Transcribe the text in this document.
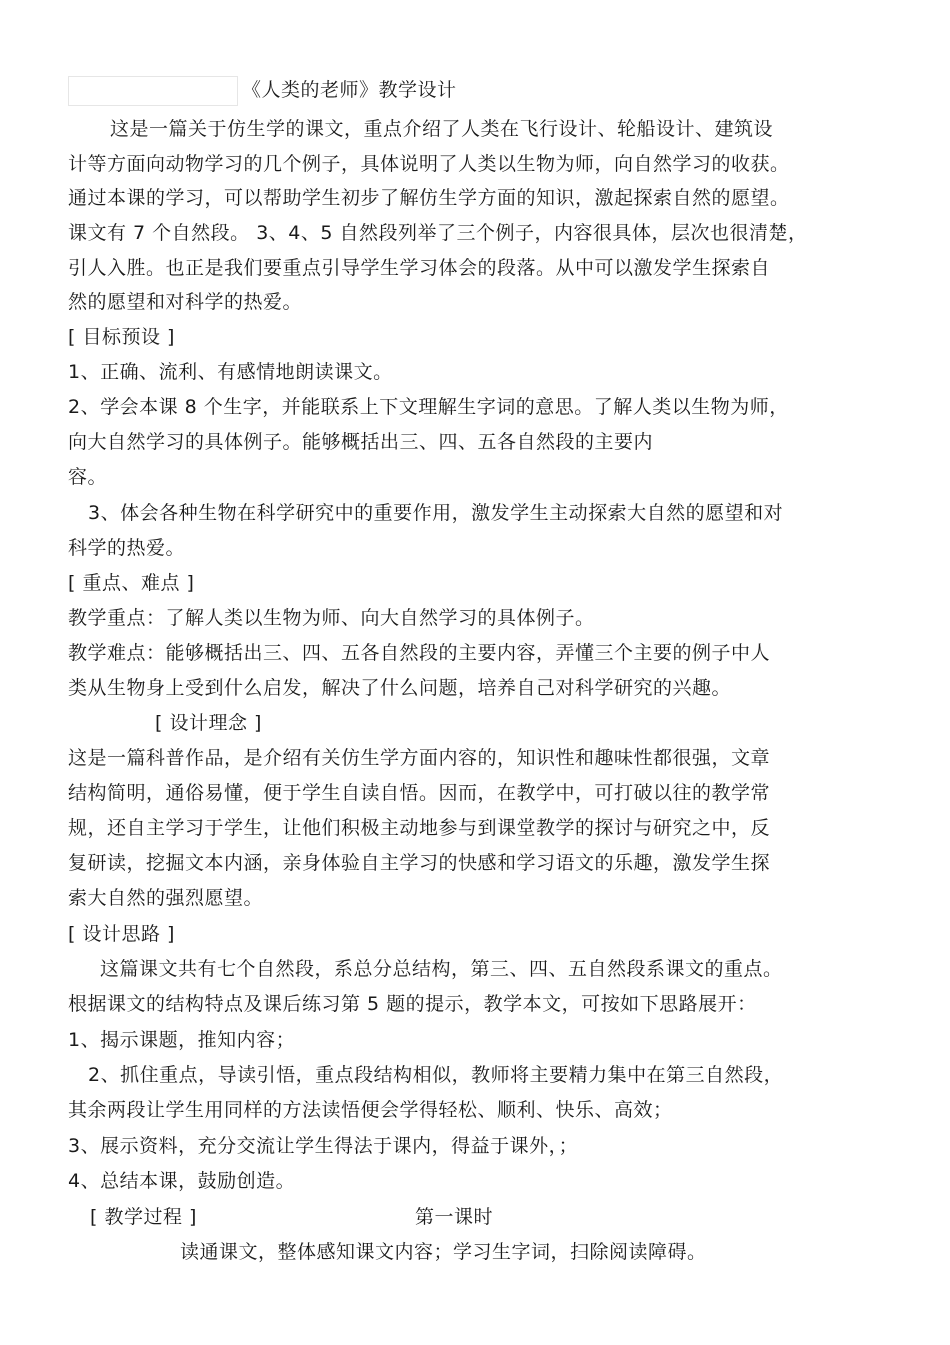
《人类的老师》教学设计
这是一篇关于仿生学的课文，重点介绍了人类在飞行设计、轮船设计、建筑设
计等方面向动物学习的几个例子，具体说明了人类以生物为师，向自然学习的收获。
通过本课的学习，可以帮助学生初步了解仿生学方面的知识，激起探索自然的愿望。
课文有 7 个自然段。 3、4、5 自然段列举了三个例子，内容很具体，层次也很清楚，
引人入胜。也正是我们要重点引导学生学习体会的段落。从中可以激发学生探索自
然的愿望和对科学的热爱。
[ 目标预设 ]
1、正确、流利、有感情地朗读课文。
2、学会本课 8 个生字，并能联系上下文理解生字词的意思。了解人类以生物为师，
向大自然学习的具体例子。能够概括出三、四、五各自然段的主要内
容。
3、体会各种生物在科学研究中的重要作用，激发学生主动探索大自然的愿望和对
科学的热爱。
[ 重点、难点 ]
教学重点：了解人类以生物为师、向大自然学习的具体例子。
教学难点：能够概括出三、四、五各自然段的主要内容，弄懂三个主要的例子中人
类从生物身上受到什么启发，解决了什么问题，培养自己对科学研究的兴趣。
[ 设计理念 ]
这是一篇科普作品，是介绍有关仿生学方面内容的，知识性和趣味性都很强，文章
结构简明，通俗易懂，便于学生自读自悟。因而，在教学中，可打破以往的教学常
规，还自主学习于学生，让他们积极主动地参与到课堂教学的探讨与研究之中，反
复研读，挖掘文本内涵，亲身体验自主学习的快感和学习语文的乐趣，激发学生探
索大自然的强烈愿望。
[ 设计思路 ]
这篇课文共有七个自然段，系总分总结构，第三、四、五自然段系课文的重点。
根据课文的结构特点及课后练习第 5 题的提示，教学本文，可按如下思路展开：
1、揭示课题，推知内容；
2、抓住重点，导读引悟，重点段结构相似，教师将主要精力集中在第三自然段，
其余两段让学生用同样的方法读悟便会学得轻松、顺利、快乐、高效；
3、展示资料，充分交流让学生得法于课内，得益于课外，；
4、总结本课，鼓励创造。
[ 教学过程 ]	第一课时
读通课文，整体感知课文内容；学习生字词，扫除阅读障碍。
